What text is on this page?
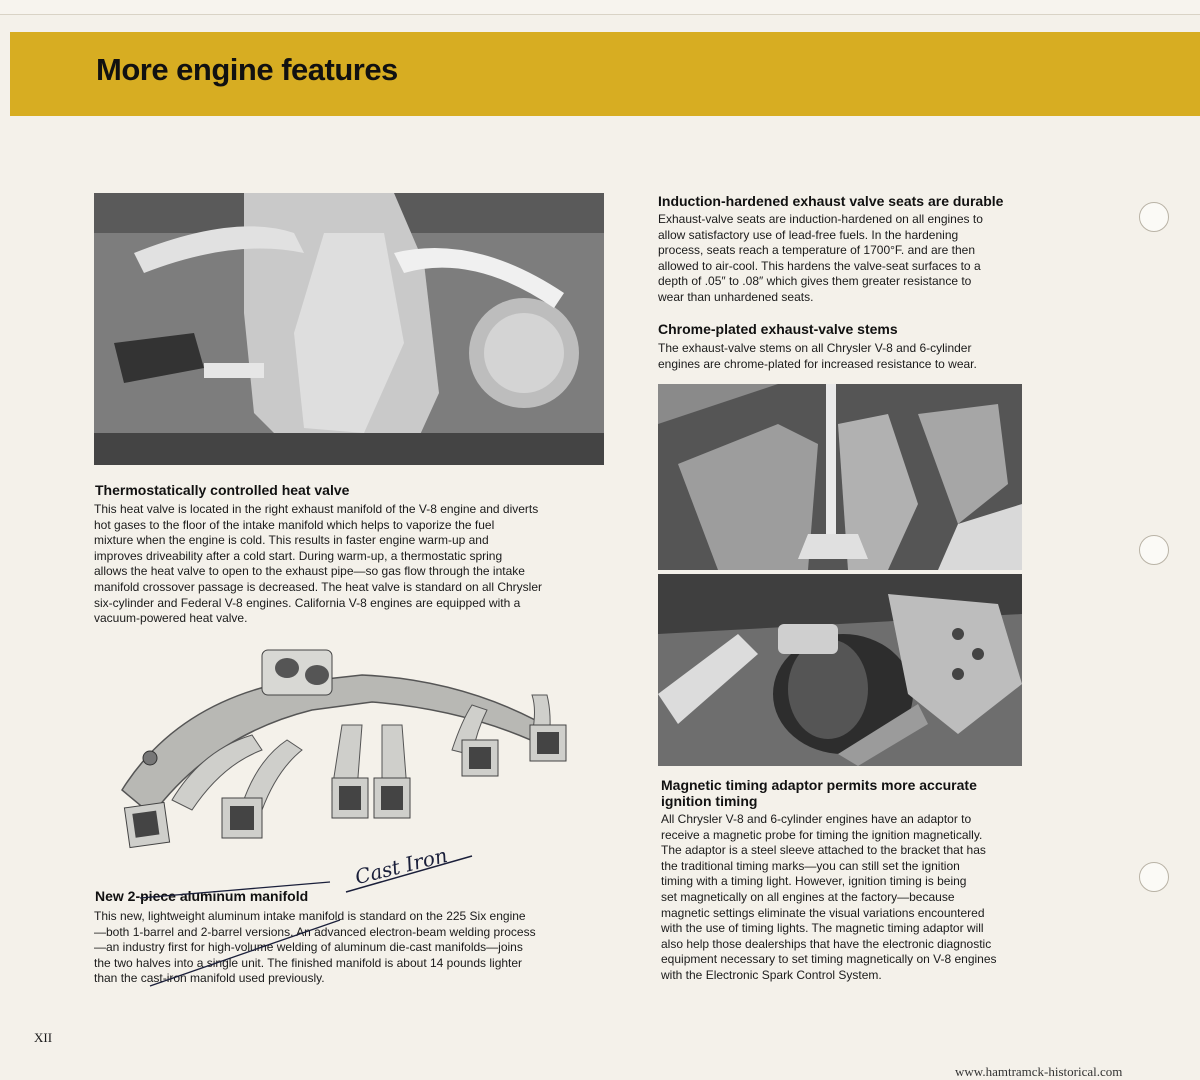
More engine features
Thermostatically controlled heat valve
This heat valve is located in the right exhaust manifold of the V-8 engine and diverts
hot gases to the floor of the intake manifold which helps to vaporize the fuel
mixture when the engine is cold. This results in faster engine warm-up and
improves driveability after a cold start. During warm-up, a thermostatic spring
allows the heat valve to open to the exhaust pipe—so gas flow through the intake
manifold crossover passage is decreased. The heat valve is standard on all Chrysler
six-cylinder and Federal V-8 engines. California V-8 engines are equipped with a
vacuum-powered heat valve.
New 2-piece aluminum manifold
Cast Iron
This new, lightweight aluminum intake manifold is standard on the 225 Six engine
—both 1-barrel and 2-barrel versions. An advanced electron-beam welding process
—an industry first for high-volume welding of aluminum die-cast manifolds—joins
the two halves into a single unit. The finished manifold is about 14 pounds lighter
than the cast-iron manifold used previously.
Induction-hardened exhaust valve seats are durable
Exhaust-valve seats are induction-hardened on all engines to
allow satisfactory use of lead-free fuels. In the hardening
process, seats reach a temperature of 1700°F. and are then
allowed to air-cool. This hardens the valve-seat surfaces to a
depth of .05″ to .08″ which gives them greater resistance to
wear than unhardened seats.
Chrome-plated exhaust-valve stems
The exhaust-valve stems on all Chrysler V-8 and 6-cylinder
engines are chrome-plated for increased resistance to wear.
Magnetic timing adaptor permits more accurate
ignition timing
All Chrysler V-8 and 6-cylinder engines have an adaptor to
receive a magnetic probe for timing the ignition magnetically.
The adaptor is a steel sleeve attached to the bracket that has
the traditional timing marks—you can still set the ignition
timing with a timing light. However, ignition timing is being
set magnetically on all engines at the factory—because
magnetic settings eliminate the visual variations encountered
with the use of timing lights. The magnetic timing adaptor will
also help those dealerships that have the electronic diagnostic
equipment necessary to set timing magnetically on V-8 engines
with the Electronic Spark Control System.
XII
www.hamtramck-historical.com
